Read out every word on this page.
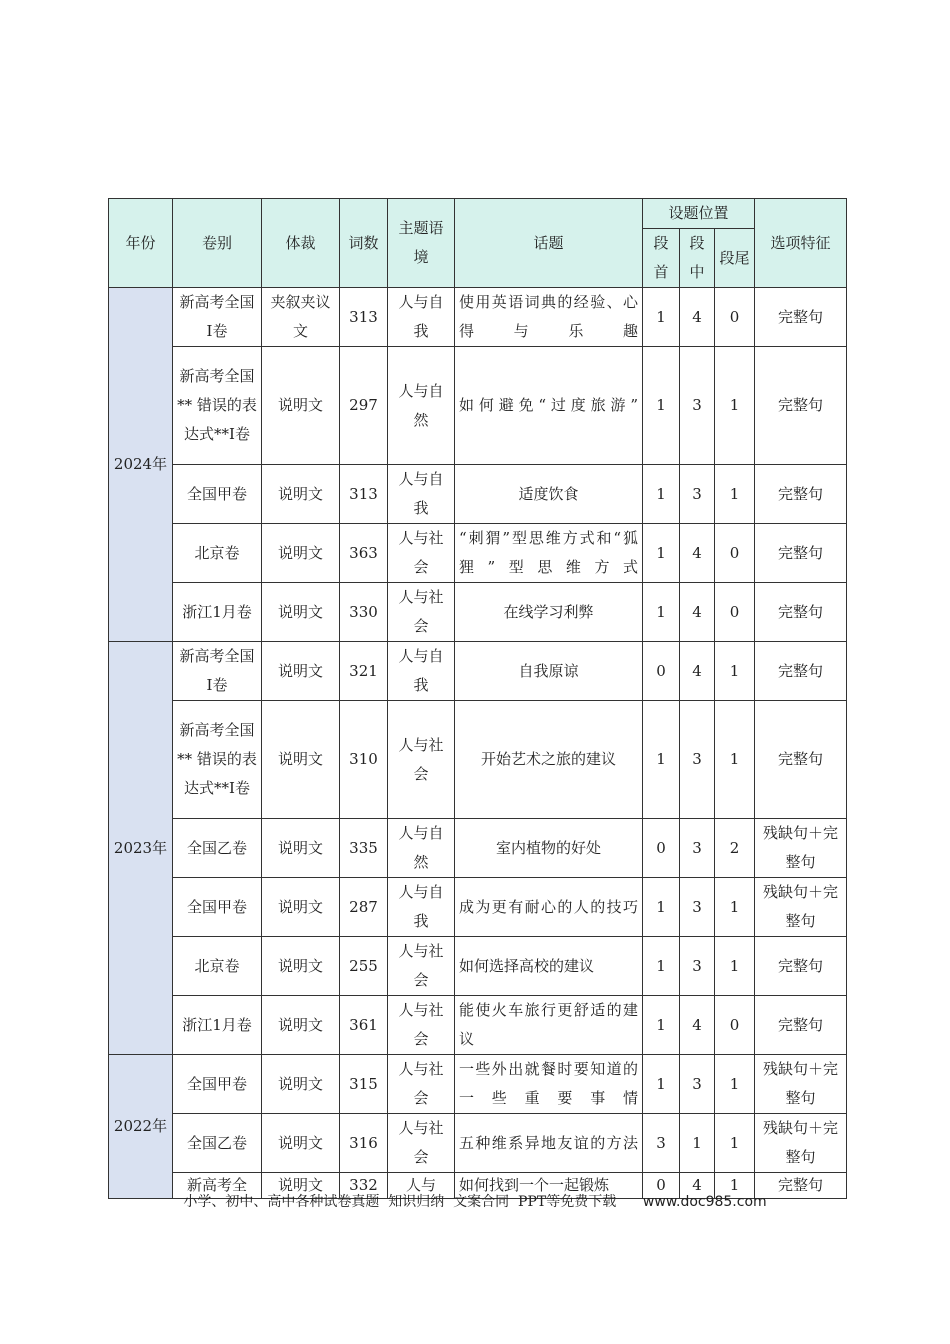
年份	卷别	体裁	词数	主题语境	话题	设题位置			选项特征
						段首	段中	段尾	
2024年	新高考全国I卷	夹叙夹议文	313	人与自我	使用英语词典的经验、心得与乐趣	1	4	0	完整句
	新高考全国** 错误的表达式**I卷	说明文	297	人与自然	如何避免“过度旅游”	1	3	1	完整句
	全国甲卷	说明文	313	人与自我	适度饮食	1	3	1	完整句
	北京卷	说明文	363	人与社会	“刺猬”型思维方式和“狐狸”型思维方式	1	4	0	完整句
	浙江1月卷	说明文	330	人与社会	在线学习利弊	1	4	0	完整句
2023年	新高考全国I卷	说明文	321	人与自我	自我原谅	0	4	1	完整句
	新高考全国** 错误的表达式**I卷	说明文	310	人与社会	开始艺术之旅的建议	1	3	1	完整句
	全国乙卷	说明文	335	人与自然	室内植物的好处	0	3	2	残缺句＋完整句
	全国甲卷	说明文	287	人与自我	成为更有耐心的人的技巧	1	3	1	残缺句＋完整句
	北京卷	说明文	255	人与社会	如何选择高校的建议	1	3	1	完整句
	浙江1月卷	说明文	361	人与社会	能使火车旅行更舒适的建议	1	4	0	完整句
2022年	全国甲卷	说明文	315	人与社会	一些外出就餐时要知道的一些重要事情	1	3	1	残缺句＋完整句
	全国乙卷	说明文	316	人与社会	五种维系异地友谊的方法	3	1	1	残缺句＋完整句

	新高考全	说明文	332	人与	如何找到一个一起锻炼	0	4	1	完整句
小学、初中、高中各种试卷真题  知识归纳  文案合同  PPT等免费下载 www.doc985.com
